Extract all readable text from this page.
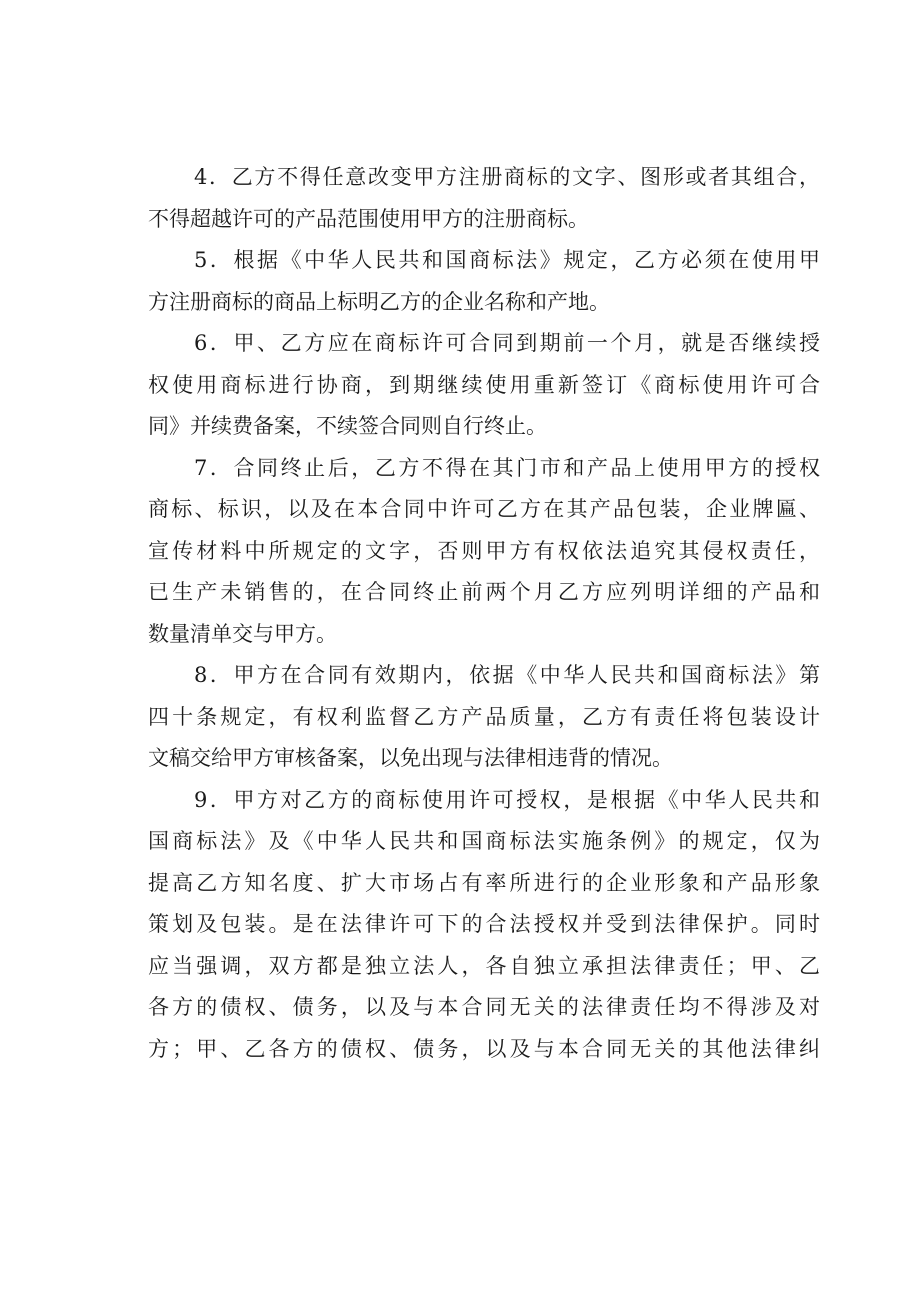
4．乙方不得任意改变甲方注册商标的文字、图形或者其组合，
不得超越许可的产品范围使用甲方的注册商标。
5．根据《中华人民共和国商标法》规定，乙方必须在使用甲
方注册商标的商品上标明乙方的企业名称和产地。
6．甲、乙方应在商标许可合同到期前一个月，就是否继续授
权使用商标进行协商，到期继续使用重新签订《商标使用许可合
同》并续费备案，不续签合同则自行终止。
7．合同终止后，乙方不得在其门市和产品上使用甲方的授权
商标、标识，以及在本合同中许可乙方在其产品包装，企业牌匾、
宣传材料中所规定的文字，否则甲方有权依法追究其侵权责任，
已生产未销售的，在合同终止前两个月乙方应列明详细的产品和
数量清单交与甲方。
8．甲方在合同有效期内，依据《中华人民共和国商标法》第
四十条规定，有权利监督乙方产品质量，乙方有责任将包装设计
文稿交给甲方审核备案，以免出现与法律相违背的情况。
9．甲方对乙方的商标使用许可授权，是根据《中华人民共和
国商标法》及《中华人民共和国商标法实施条例》的规定，仅为
提高乙方知名度、扩大市场占有率所进行的企业形象和产品形象
策划及包装。是在法律许可下的合法授权并受到法律保护。同时
应当强调，双方都是独立法人，各自独立承担法律责任；甲、乙
各方的债权、债务，以及与本合同无关的法律责任均不得涉及对
方；甲、乙各方的债权、债务，以及与本合同无关的其他法律纠
